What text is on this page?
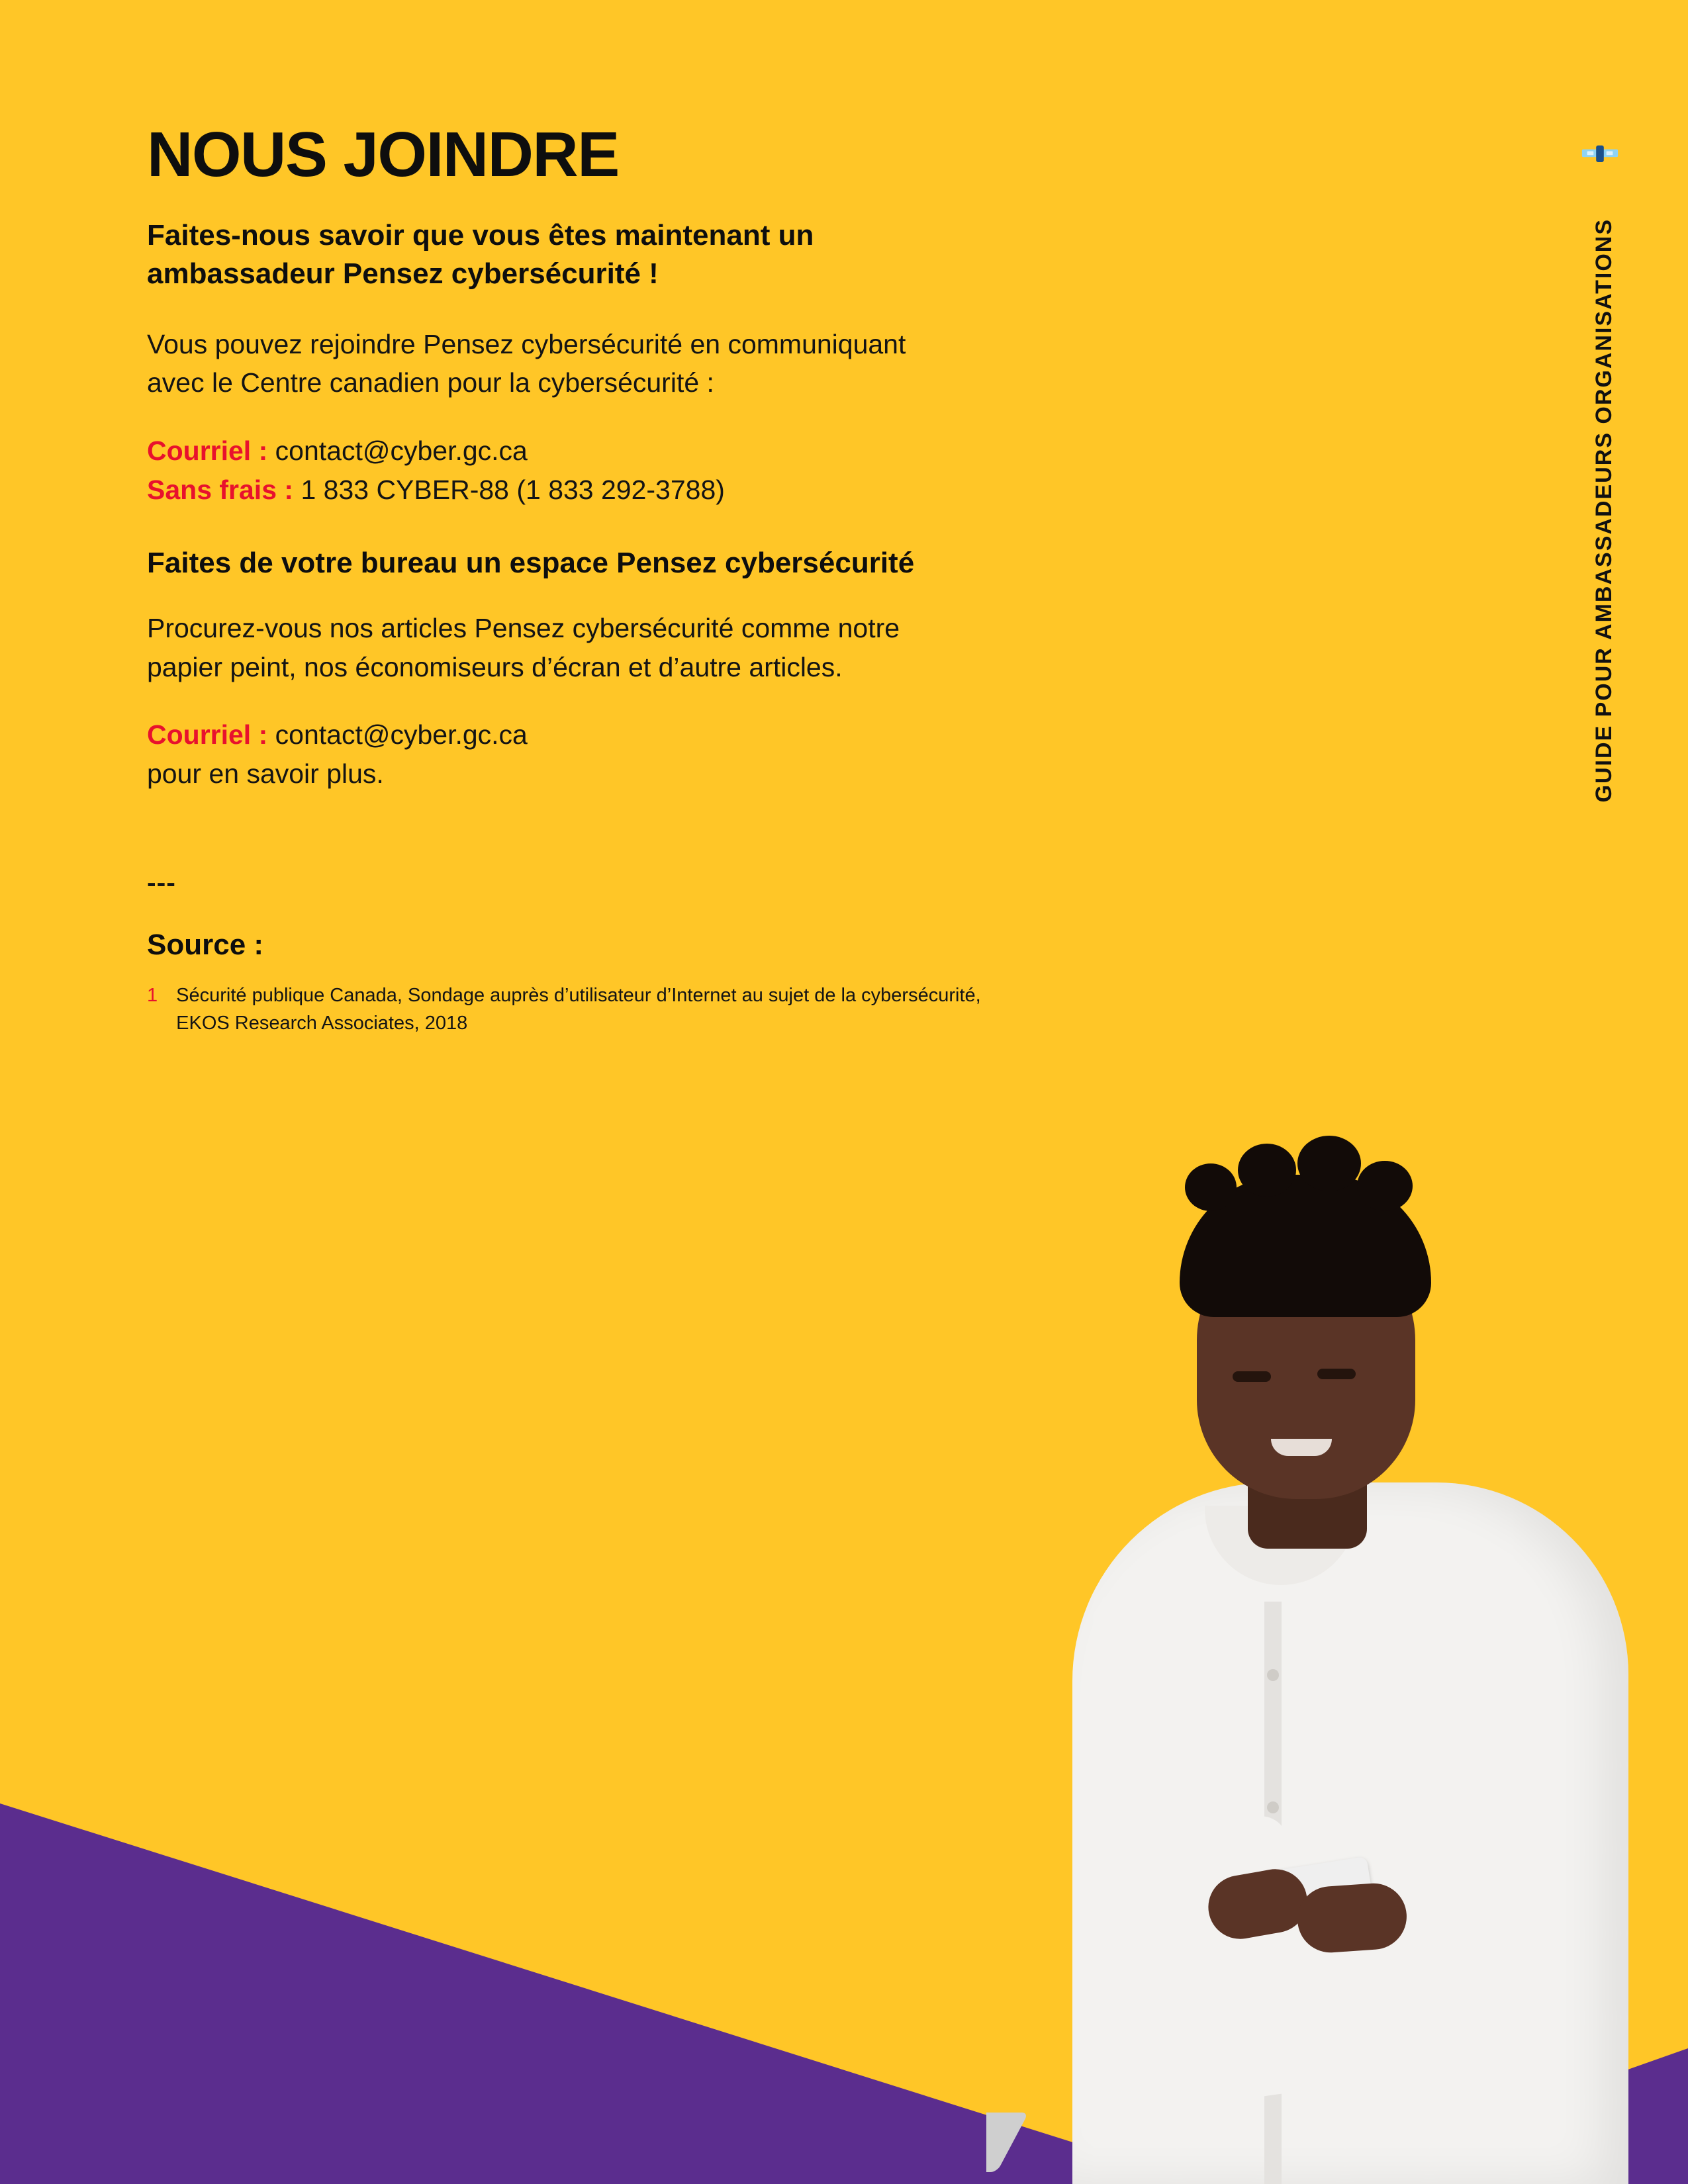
GUIDE POUR AMBASSADEURS ORGANISATIONS
NOUS JOINDRE
Faites-nous savoir que vous êtes maintenant un ambassadeur Pensez cybersécurité !

Vous pouvez rejoindre Pensez cybersécurité en communiquant avec le Centre canadien pour la cybersécurité :

Courriel : contact@cyber.gc.ca
Sans frais : 1 833 CYBER-88 (1 833 292-3788)
Faites de votre bureau un espace Pensez cybersécurité

Procurez-vous nos articles Pensez cybersécurité comme notre papier peint, nos économiseurs d’écran et d’autre articles.

Courriel : contact@cyber.gc.ca
pour en savoir plus.
---
Source :
1 Sécurité publique Canada, Sondage auprès d’utilisateur d’Internet au sujet de la cybersécurité, EKOS Research Associates, 2018
